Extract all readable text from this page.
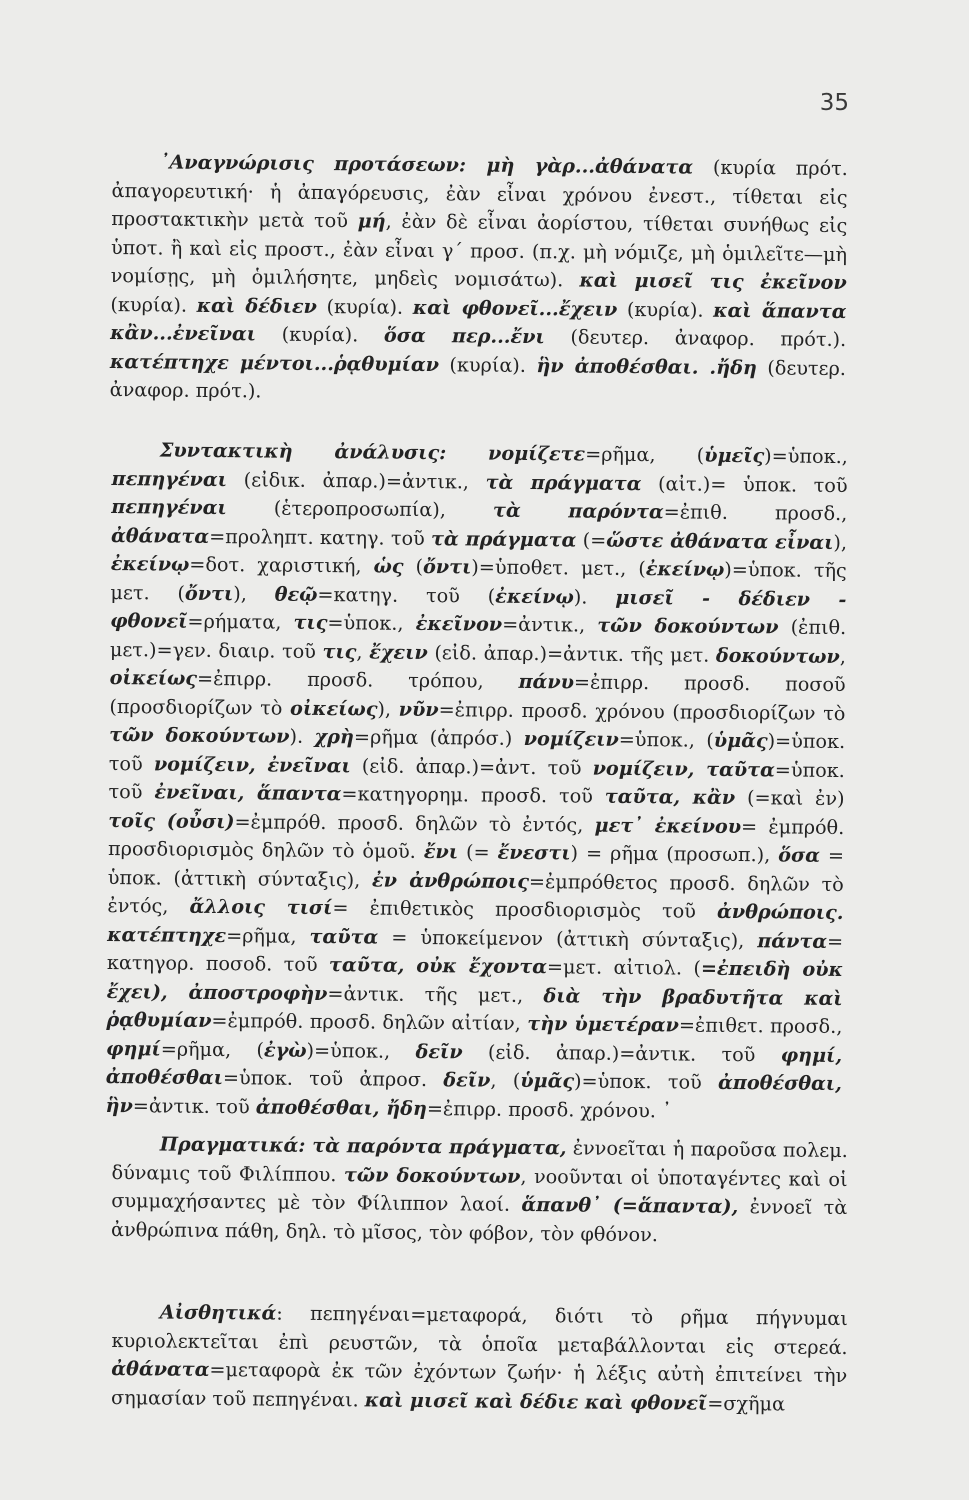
35

᾿Αναγνώρισις προτάσεων: μὴ γὰρ...ἀθάνατα (κυρία πρότ. ἀπαγορευτική· ἡ ἀπαγόρευσις, ἐὰν εἶναι χρόνου ἐνεστ., τίθεται εἰς προστακτικὴν μετὰ τοῦ μή, ἐὰν δὲ εἶναι ἀορίστου, τίθεται συνήθως εἰς ὑποτ. ἢ καὶ εἰς προστ., ἐὰν εἶναι γ΄ προσ. (π.χ. μὴ νόμιζε, μὴ ὁμιλεῖτε—μὴ νομίσῃς, μὴ ὁμιλήσητε, μηδεὶς νομισάτω). καὶ μισεῖ τις ἐκεῖνον (κυρία). καὶ δέδιεν (κυρία). καὶ φθονεῖ...ἔχειν (κυρία). καὶ ἅπαντα κἂν...ἐνεῖναι (κυρία). ὅσα περ...ἔνι (δευτερ. ἀναφορ. πρότ.). κατέπτηχε μέντοι...ῥᾳθυμίαν (κυρία). ἣν ἀποθέσθαι. .ἤδη (δευτερ. ἀναφορ. πρότ.).

Συντακτικὴ ἀνάλυσις: νομίζετε=ρῆμα, (ὑμεῖς)=ὑποκ., πεπηγέναι (εἰδικ. ἀπαρ.)=ἀντικ., τὰ πράγματα (αἰτ.)= ὑποκ. τοῦ πεπηγέναι (ἑτεροπροσωπία), τὰ παρόντα=ἐπιθ. προσδ., ἀθάνατα=προληπτ. κατηγ. τοῦ τὰ πράγματα (=ὥστε ἀθάνατα εἶναι), ἐκείνῳ=δοτ. χαριστική, ὡς (ὄντι)=ὑποθετ. μετ., (ἐκείνῳ)=ὑποκ. τῆς μετ. (ὄντι), θεῷ=κατηγ. τοῦ (ἐκείνῳ). μισεῖ - δέδιεν - φθονεῖ=ρήματα, τις=ὑποκ., ἐκεῖνον=ἀντικ., τῶν δοκούντων (ἐπιθ. μετ.)=γεν. διαιρ. τοῦ τις, ἔχειν (εἰδ. ἀπαρ.)=ἀντικ. τῆς μετ. δοκούντων, οἰκείως=ἐπιρρ. προσδ. τρόπου, πάνυ=ἐπιρρ. προσδ. ποσοῦ (προσδιορίζων τὸ οἰκείως), νῦν=ἐπιρρ. προσδ. χρόνου (προσδιορίζων τὸ τῶν δοκούντων). χρὴ=ρῆμα (ἀπρόσ.) νομίζειν=ὑποκ., (ὑμᾶς)=ὑποκ. τοῦ νομίζειν, ἐνεῖναι (εἰδ. ἀπαρ.)=ἀντ. τοῦ νομίζειν, ταῦτα=ὑποκ. τοῦ ἐνεῖναι, ἅπαντα=κατηγορημ. προσδ. τοῦ ταῦτα, κἂν (=καὶ ἐν) τοῖς (οὖσι)=ἐμπρόθ. προσδ. δηλῶν τὸ ἐντός, μετ᾽ ἐκείνου= ἐμπρόθ. προσδιορισμὸς δηλῶν τὸ ὁμοῦ. ἔνι (= ἔνεστι) = ρῆμα (προσωπ.), ὅσα = ὑποκ. (ἀττικὴ σύνταξις), ἐν ἀνθρώποις=ἐμπρόθετος προσδ. δηλῶν τὸ ἐντός, ἄλλοις τισί= ἐπιθετικὸς προσδιορισμὸς τοῦ ἀνθρώποις. κατέπτηχε=ρῆμα, ταῦτα = ὑποκείμενον (ἀττικὴ σύνταξις), πάντα= κατηγορ. ποσοδ. τοῦ ταῦτα, οὐκ ἔχοντα=μετ. αἰτιολ. (=ἐπειδὴ οὐκ ἔχει), ἀποστροφὴν=ἀντικ. τῆς μετ., διὰ τὴν βραδυτῆτα καὶ ῥᾳθυμίαν=ἐμπρόθ. προσδ. δηλῶν αἰτίαν, τὴν ὑμετέραν=ἐπιθετ. προσδ., φημί=ρῆμα, (ἐγὼ)=ὑποκ., δεῖν (εἰδ. ἀπαρ.)=ἀντικ. τοῦ φημί, ἀποθέσθαι=ὑποκ. τοῦ ἀπροσ. δεῖν, (ὑμᾶς)=ὑποκ. τοῦ ἀποθέσθαι, ἣν=ἀντικ. τοῦ ἀποθέσθαι, ἤδη=ἐπιρρ. προσδ. χρόνου. ᾿

Πραγματικά: τὰ παρόντα πράγματα, ἐννοεῖται ἡ παροῦσα πολεμ. δύναμις τοῦ Φιλίππου. τῶν δοκούντων, νοοῦνται οἱ ὑποταγέντες καὶ οἱ συμμαχήσαντες μὲ τὸν Φίλιππον λαοί. ἅπανθ᾽ (=ἅπαντα), ἐννοεῖ τὰ ἀνθρώπινα πάθη, δηλ. τὸ μῖσος, τὸν φόβον, τὸν φθόνον.

Αἰσθητικά: πεπηγέναι=μεταφορά, διότι τὸ ρῆμα πήγνυμαι κυριολεκτεῖται ἐπὶ ρευστῶν, τὰ ὁποῖα μεταβάλλονται εἰς στερεά. ἀθάνατα=μεταφορὰ ἐκ τῶν ἐχόντων ζωήν· ἡ λέξις αὐτὴ ἐπιτείνει τὴν σημασίαν τοῦ πεπηγέναι. καὶ μισεῖ καὶ δέδιε καὶ φθονεῖ=σχῆμα
